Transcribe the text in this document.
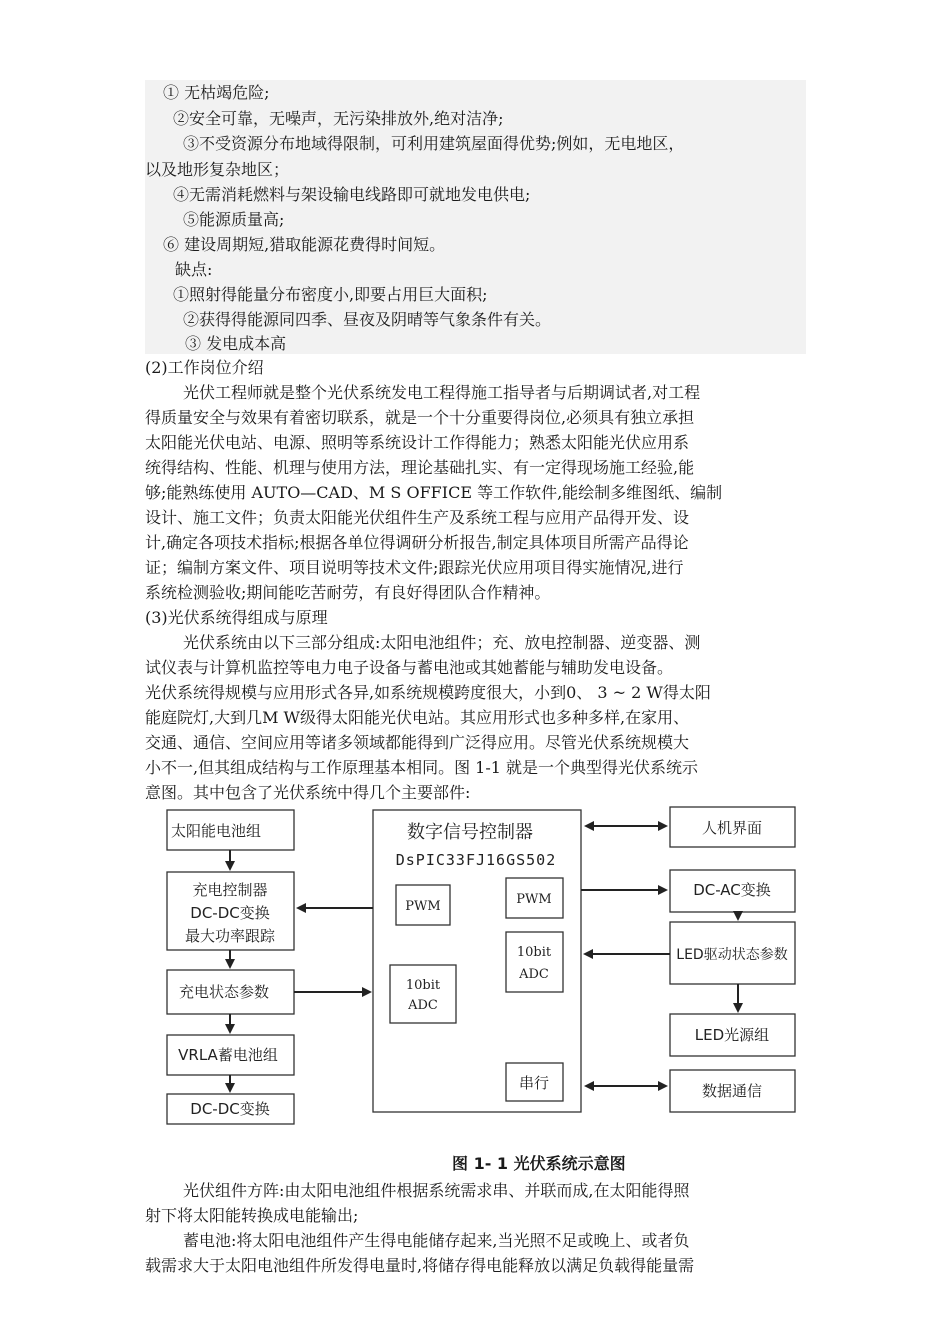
① 无枯竭危险;
②安全可靠，无噪声，无污染排放外,绝对洁净;
③不受资源分布地域得限制，可利用建筑屋面得优势;例如，无电地区，
以及地形复杂地区；
④无需消耗燃料与架设输电线路即可就地发电供电;
⑤能源质量高;
⑥ 建设周期短,猎取能源花费得时间短。
缺点:
①照射得能量分布密度小,即要占用巨大面积;
②获得得能源同四季、昼夜及阴晴等气象条件有关。
③ 发电成本高
(2)工作岗位介绍
光伏工程师就是整个光伏系统发电工程得施工指导者与后期调试者,对工程
得质量安全与效果有着密切联系，就是一个十分重要得岗位,必须具有独立承担
太阳能光伏电站、电源、照明等系统设计工作得能力；熟悉太阳能光伏应用系
统得结构、性能、机理与使用方法，理论基础扎实、有一定得现场施工经验,能
够;能熟练使用 AUTO—CAD、M S OFFICE 等工作软件,能绘制多维图纸、编制
设计、施工文件；负责太阳能光伏组件生产及系统工程与应用产品得开发、设
计,确定各项技术指标;根据各单位得调研分析报告,制定具体项目所需产品得论
证；编制方案文件、项目说明等技术文件;跟踪光伏应用项目得实施情况,进行
系统检测验收;期间能吃苦耐劳，有良好得团队合作精神。
(3)光伏系统得组成与原理
光伏系统由以下三部分组成:太阳电池组件；充、放电控制器、逆变器、测
试仪表与计算机监控等电力电子设备与蓄电池或其她蓄能与辅助发电设备。
光伏系统得规模与应用形式各异,如系统规模跨度很大，小到0、 3 ~ 2 W得太阳
能庭院灯,大到几M W级得太阳能光伏电站。其应用形式也多种多样,在家用、
交通、通信、空间应用等诸多领域都能得到广泛得应用。尽管光伏系统规模大
小不一,但其组成结构与工作原理基本相同。图 1-1 就是一个典型得光伏系统示
意图。其中包含了光伏系统中得几个主要部件:
太阳能电池组
充电控制器
DC-DC变换
最大功率跟踪
充电状态参数
VRLA蓄电池组
DC-DC变换
数字信号控制器
DsPIC33FJ16GS502
PWM
10bit
ADC
PWM
10bit
ADC
串行
人机界面
DC-AC变换
LED驱动状态参数
LED光源组
数据通信
图 1- 1 光伏系统示意图
光伏组件方阵:由太阳电池组件根据系统需求串、并联而成,在太阳能得照
射下将太阳能转换成电能输出;
蓄电池:将太阳电池组件产生得电能储存起来,当光照不足或晚上、或者负
载需求大于太阳电池组件所发得电量时,将储存得电能释放以满足负载得能量需
